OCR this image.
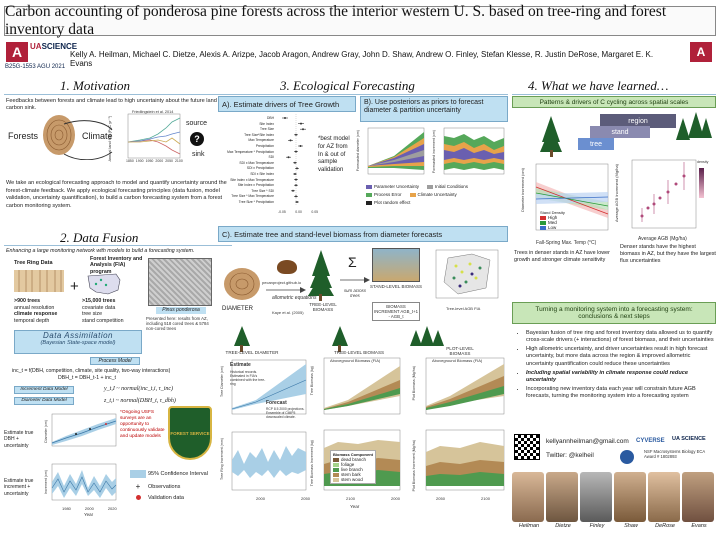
Carbon accounting of ponderosa pine forests across the interior western U. S. based on tree-ring and forest inventory data
A UASCIENCE
B25G-1553 AGU 2021
Kelly A. Heilman, Michael C. Dietze, Alexis A. Arizpe, Jacob Aragon, Andrew Gray, John D. Shaw, Andrew O. Finley, Stefan Klesse, R. Justin DeRose, Margaret E. K. Evans
A
1. Motivation
Feedbacks between forests and climate lead to high uncertainty about the future land carbon sink.
Forests	Climate
Friedlingstein et al. 2014
Annual land flux (PgC yr⁻¹)	1850 1900 1950 2000 2050 2100
source
?
sink
We take an ecological forecasting approach to model and quantify uncertainty around the forest-climate feedback. We apply ecological forecasting principles (data fusion, model validation, uncertainty quantification), to build a carbon forecasting system from a forest carbon monitoring system.
2. Data Fusion
Enhancing a large monitoring network with models to build a forecasting system.
Tree Ring Data
+
Forest Inventory and Analysis (FIA) program
Pinus ponderosa
Presented here: results from AZ, including 518 cored trees & 5784 non-cored trees
>900 trees
annual resolution
climate response
temporal depth
>15,000 trees
covariate data
tree size
stand competition
Data Assimilation
(Bayesian State-space model)
Process Model
inc_t = f(DBH, competition, climate, site quality, two-way interactions)
DBH_t = DBH_t-1 + inc_t
Increment Data Model
Diameter Data Model
y_t,I ~ normal(inc_t,i, τ_inc)
z_t,i ~ normal(DBH_t, τ_dbh)
Estimate true DBH + uncertainty
Diameter (cm)
*Ongoing USFS surveys are an opportunity to continuously validate and update models
FOREST SERVICE
Estimate true increment + uncertainty	Increment (cm)
1980	2000	2020
Year
95% Confidence Interval
+	Observations
Validation data
3. Ecological Forecasting
A). Estimate drivers of Tree Growth
DBH
Site Index
Tree Size
Tree Size*Site Index
Max Temperature
Precipitation
Max Temperature * Precipitation
SDI
SDI x Max Temperature
SDI x Precipitation
SDI x Site Index
Site Index x Max Temperature
Site Index x Precipitation
Tree Size * SDI
Tree Size * Max Temperature
Tree Size * Precipitation
-0.05	0.00	0.05
*best model for AZ from In & out of sample validation
B). Use posteriors as priors to forecast diameter & partition uncertainty
Forecasted diameter (cm)	Forecasted increment (cm)
Parameter Uncertainty	Initial Conditions
Process Error	Climate Uncertainty
Plot random effect
C). Estimate tree and stand-level biomass from diameter forecasts
DIAMETER
pecanproject.github.io
allometric equations
Kaye et al. (2005)
TREE-LEVEL BIOMASS
Σ
sum across trees
STAND-LEVEL BIOMASS
BIOMASS INCREMENT AGB_t+1 - AGB_t
Tree-level AGB FIA
TREE-LEVEL DIAMETER	TREE-LEVEL BIOMASS
PLOT-LEVEL BIOMASS
Estimate
Historical records. Estimated in FIA's combined with the tree-ring
Forecast
RCP 8.5 2000 projections. Ensemble of CMIP5 downscaled climate.
Tree Diameter (cm)
Aboveground Biomass (FIA)
Tree Biomass (kg)
Aboveground Biomass (FIA)
Plot Biomass (Mg/ha)
Tree Ring Increment (mm)	Biomass Component
dead branch
foliage
live branch
stem bark
stem wood
Tree Biomass Increment (kg)	Plot Biomass Increment (Mg/ha)
2000	2050	2100	2000	2050	2100
Year
4. What we have learned…
Patterns & drivers of C cycling across spatial scales
region
stand
tree
Diameter increment (cm)
Fall-Spring Max. Temp (°C)
Stand Density
High
Med
Low
density
Average AGB Increment (Mg/ha)
Average AGB (Mg/ha)
Trees in denser stands in AZ have lower growth and stronger climate sensitivity
Denser stands have the highest biomass in AZ, but they have the largest flux uncertainties
Turning a monitoring system into a forecasting system: conclusions & next steps
• Bayesian fusion of tree ring and forest inventory data allowed us to quantify cross-scale drivers (+ interactions) of forest biomass, and their uncertainties
• High allometric uncertainty, and driver uncertainties result in high forecast uncertainty, but more data across the region & improved allometric uncertainty quantification could reduce these uncertainties
• Including spatial variability in climate response could reduce uncertainty
• Incorporating new inventory data each year will constrain future AGB forecasts, turning the monitoring system into a forecasting system
kellyannheilman@gmail.com
Twitter: @kelheil
CYVERSE UA SCIENCE
NSF Macrosystems Biology ECA Award # 1802893
Heilman	Dietze	Finley	Shaw	DeRose	Evans
